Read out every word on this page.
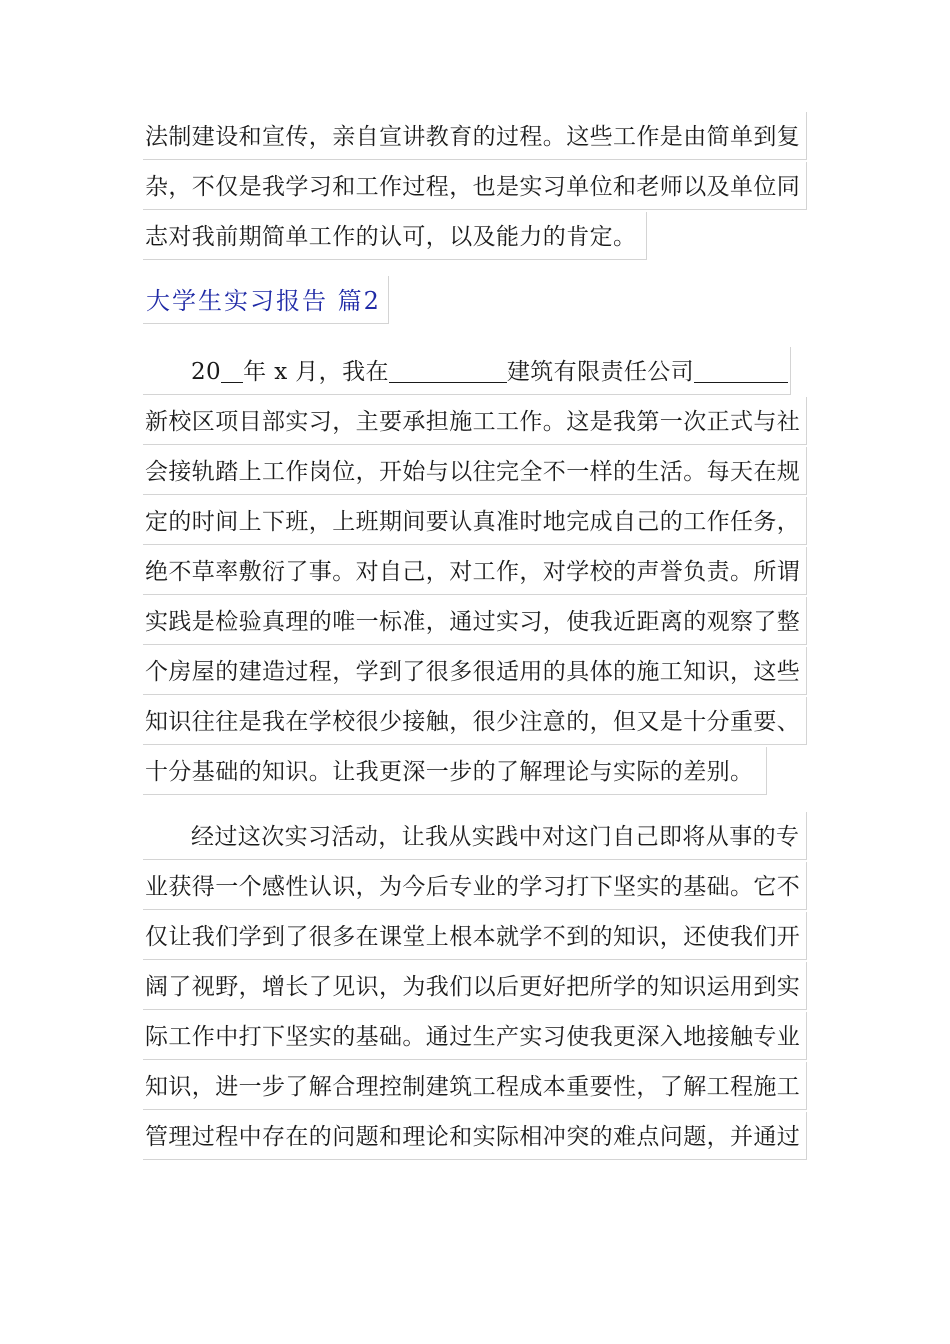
法制建设和宣传，亲自宣讲教育的过程。这些工作是由简单到复
杂，不仅是我学习和工作过程，也是实习单位和老师以及单位同
志对我前期简单工作的认可，以及能力的肯定。
大学生实习报告 篇2
20 年 x 月，我在	建筑有限责任公司
新校区项目部实习，主要承担施工工作。这是我第一次正式与社
会接轨踏上工作岗位，开始与以往完全不一样的生活。每天在规
定的时间上下班，上班期间要认真准时地完成自己的工作任务，
绝不草率敷衍了事。对自己，对工作，对学校的声誉负责。所谓
实践是检验真理的唯一标准，通过实习，使我近距离的观察了整
个房屋的建造过程，学到了很多很适用的具体的施工知识，这些
知识往往是我在学校很少接触，很少注意的，但又是十分重要、
十分基础的知识。让我更深一步的了解理论与实际的差别。
经过这次实习活动，让我从实践中对这门自己即将从事的专
业获得一个感性认识，为今后专业的学习打下坚实的基础。它不
仅让我们学到了很多在课堂上根本就学不到的知识，还使我们开
阔了视野，增长了见识，为我们以后更好把所学的知识运用到实
际工作中打下坚实的基础。通过生产实习使我更深入地接触专业
知识，进一步了解合理控制建筑工程成本重要性，了解工程施工
管理过程中存在的问题和理论和实际相冲突的难点问题，并通过
